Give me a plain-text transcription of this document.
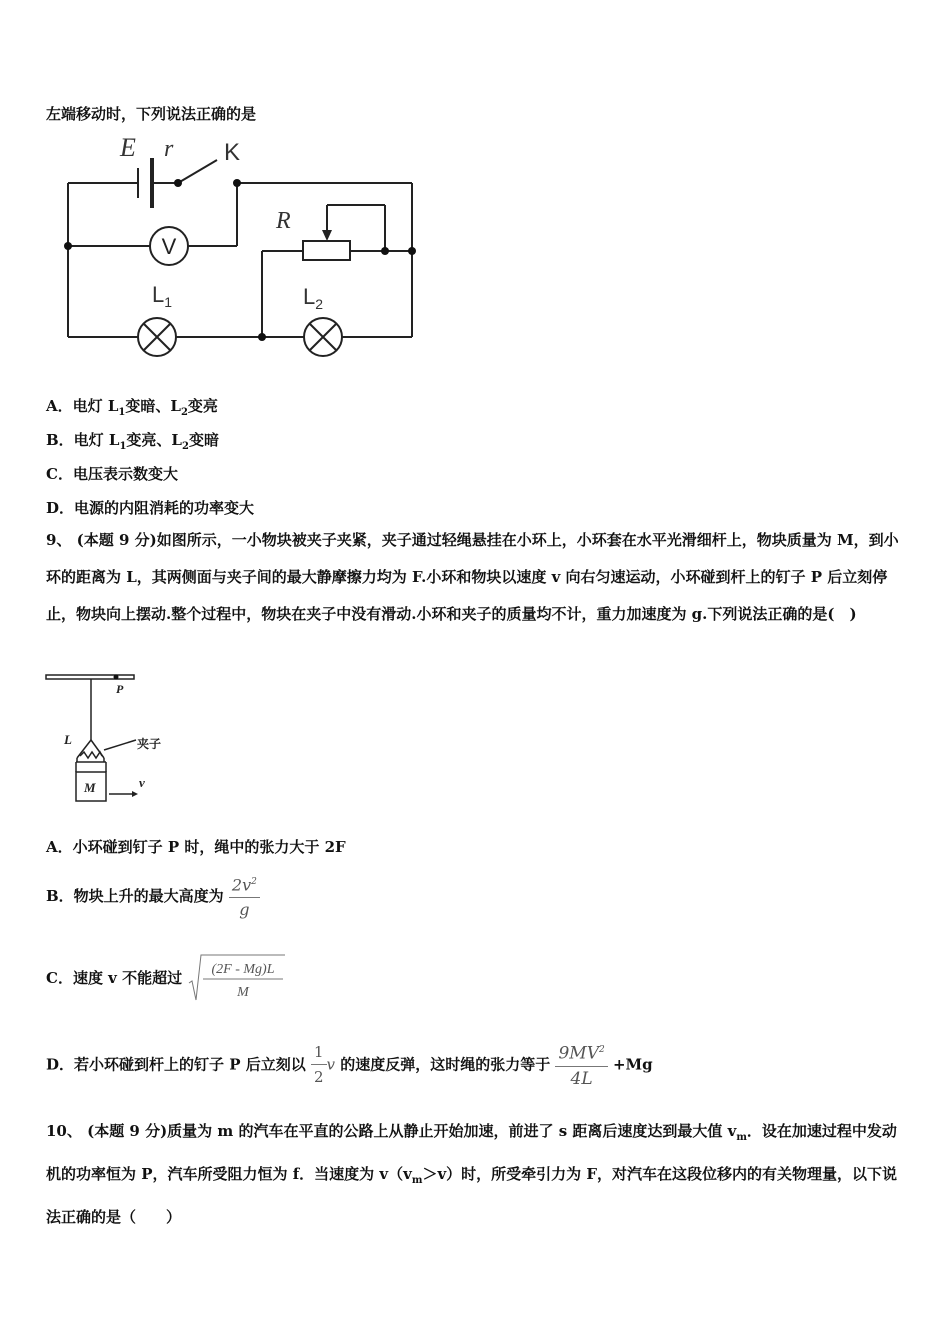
左端移动时，下列说法正确的是
V
E r K
R
$L_1$	$L_2$
A．电灯 $L_1$变暗、$L_2$变亮
B．电灯 $L_1$变亮、$L_2$变暗
C．电压表示数变大
D．电源的内阻消耗的功率变大
9、 (本题 9 分)如图所示，一小物块被夹子夹紧，夹子通过轻绳悬挂在小环上，小环套在水平光滑细杆上，物块质量为 M，到小环的距离为 L，其两侧面与夹子间的最大静摩擦力均为 F.小环和物块以速度 v 向右匀速运动，小环碰到杆上的钉子 P 后立刻停止，物块向上摆动.整个过程中，物块在夹子中没有滑动.小环和夹子的质量均不计，重力加速度为 g.下列说法正确的是(　)
P
L	夹子
M	v
A．小环碰到钉子 P 时，绳中的张力大于 2F
B．物块上升的最大高度为 $\frac{2v^2}{g}$
C．速度 v 不能超过 (2F - Mg)L
M
D．若小环碰到杆上的钉子 P 后立刻以 $\frac{1}{2}$ v 的速度反弹，这时绳的张力等于 $\frac{9MV^2}{4L} +Mg$
10、 (本题 9 分)质量为 m 的汽车在平直的公路上从静止开始加速，前进了 s 距离后速度达到最大值 $v_m$．设在加速过程中发动机的功率恒为 P，汽车所受阻力恒为 f．当速度为 $v(v_m>v)$时，所受牵引力为 F，对汽车在这段位移内的有关物理量，以下说法正确的是（　　）
